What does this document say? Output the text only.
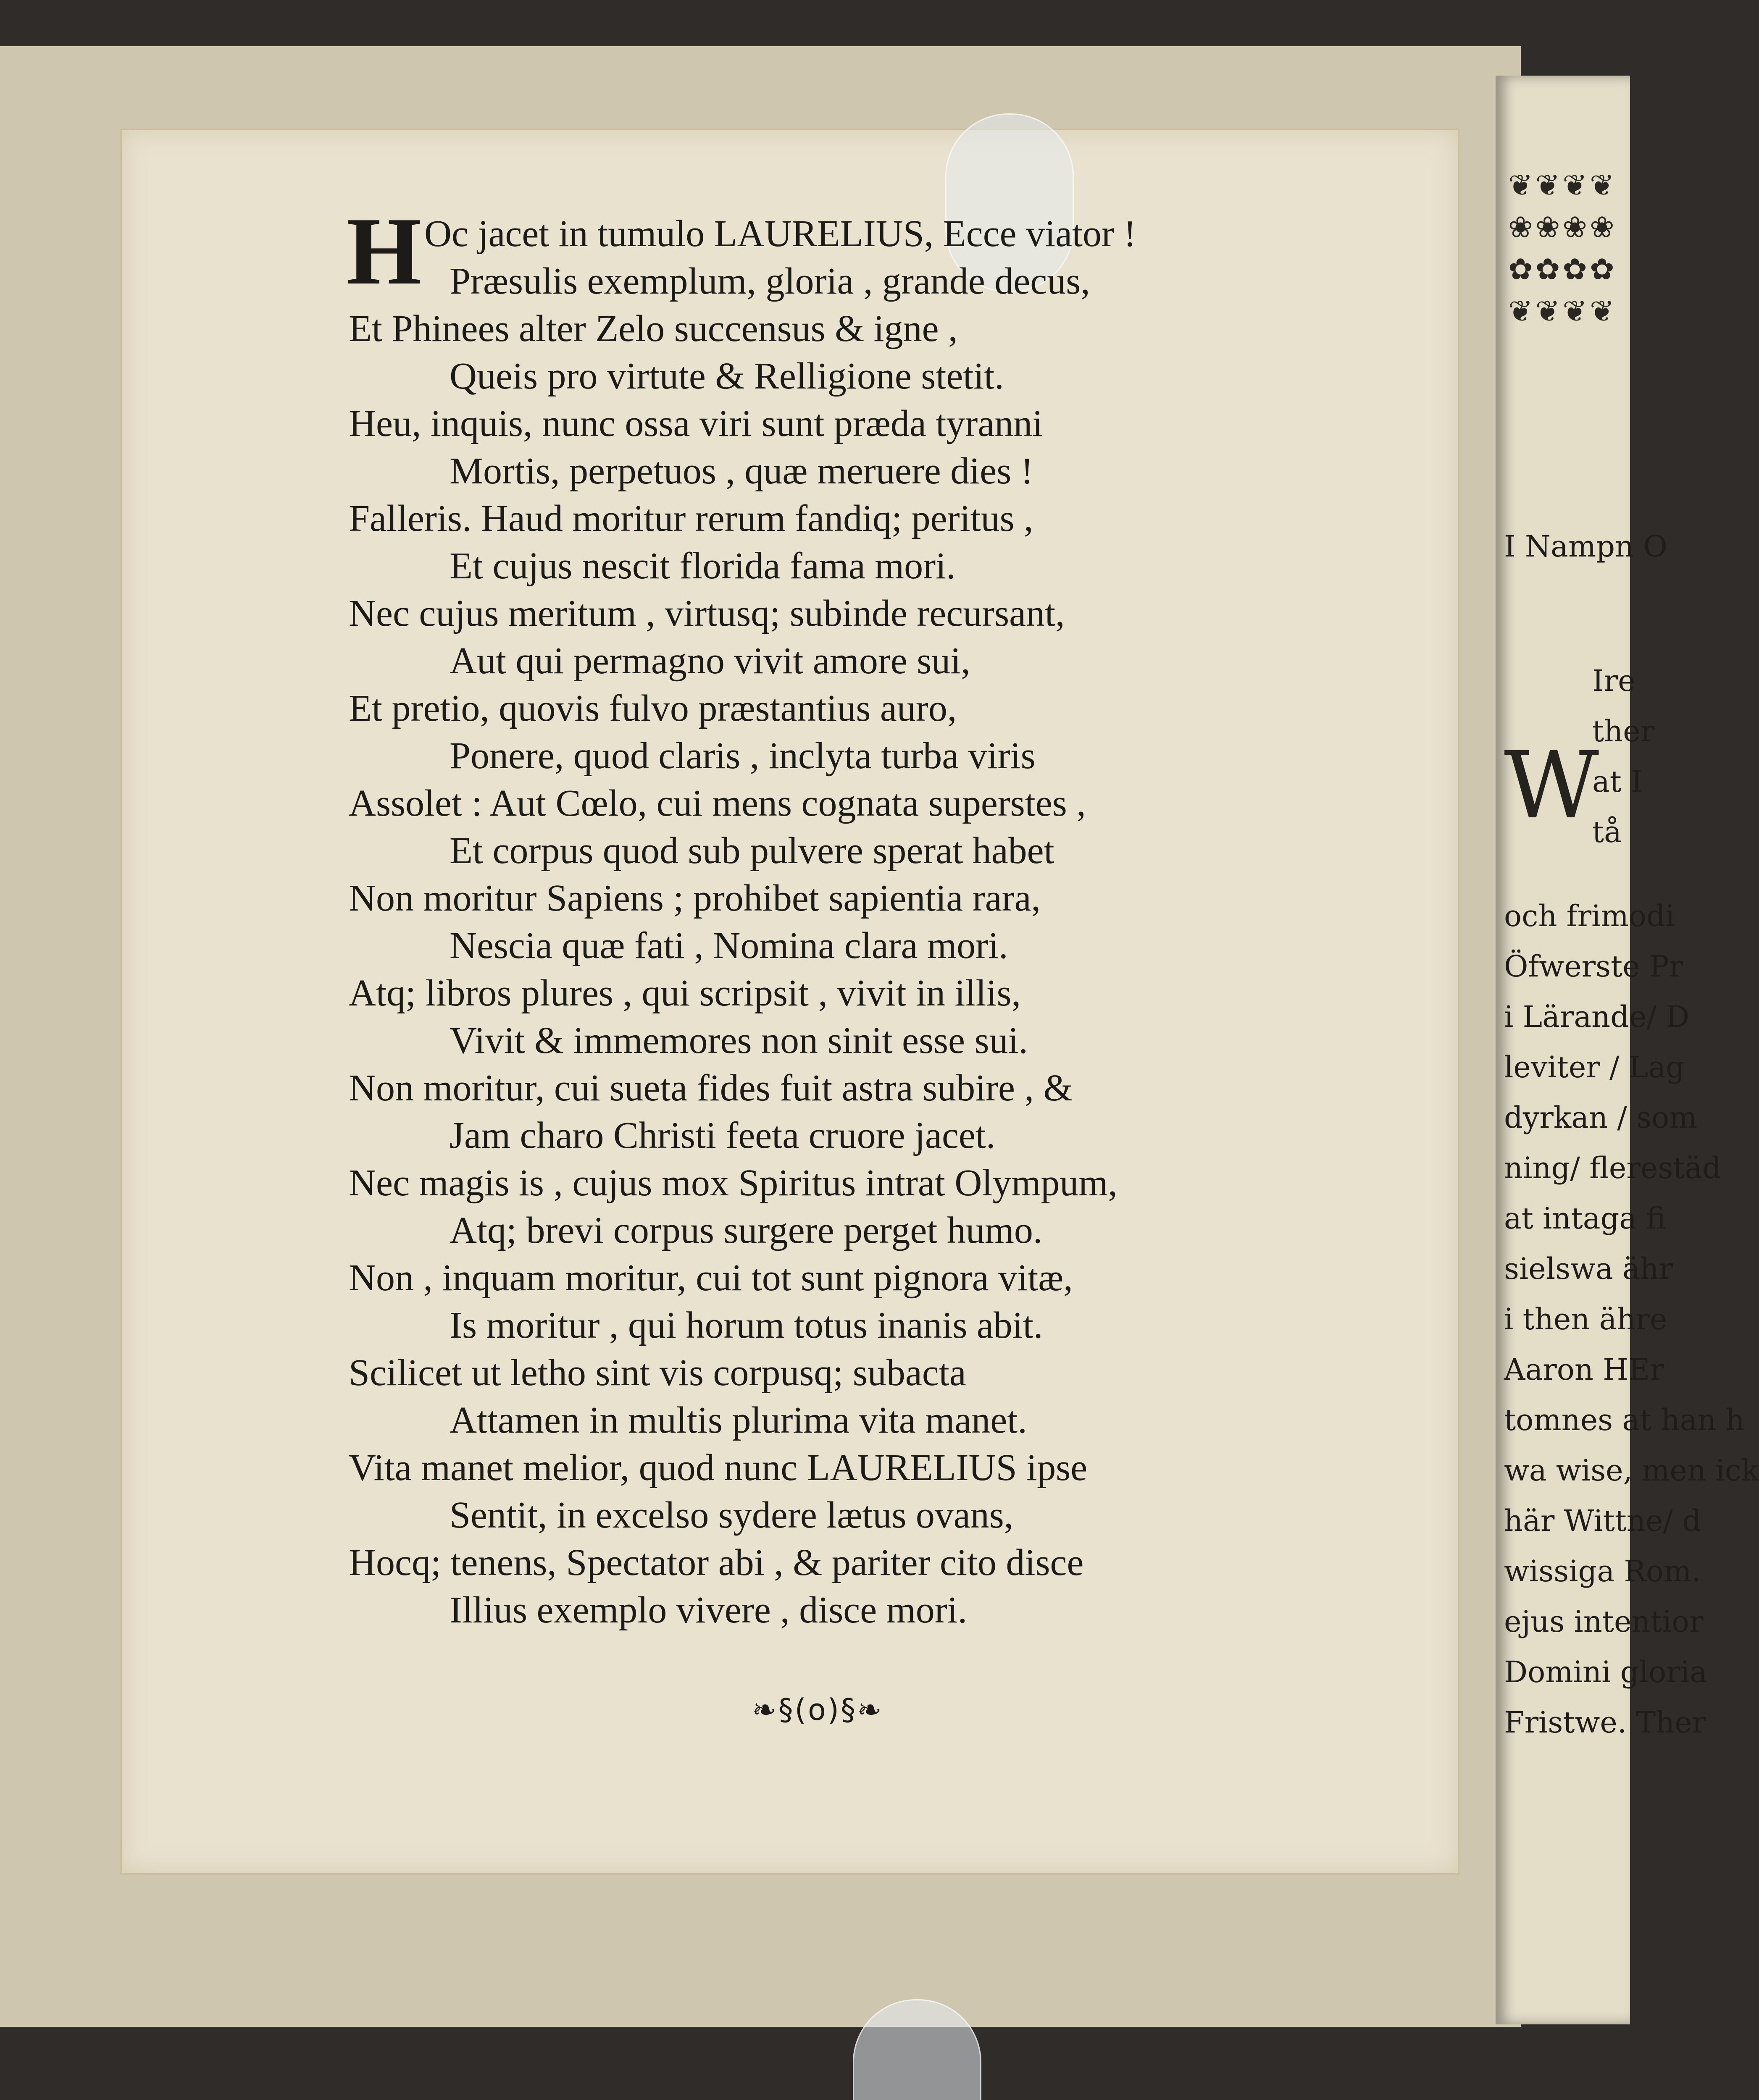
H Oc jacet in tumulo LAURELIUS, Ecce viator !
Præsulis exemplum, gloria , grande decus,
Et Phinees alter Zelo succensus & igne ,
Queis pro virtute & Relligione stetit.
Heu, inquis, nunc ossa viri sunt præda tyranni
Mortis, perpetuos , quæ meruere dies !
Falleris. Haud moritur rerum fandiq; peritus ,
Et cujus nescit florida fama mori.
Nec cujus meritum , virtusq; subinde recursant,
Aut qui permagno vivit amore sui,
Et pretio, quovis fulvo præstantius auro,
Ponere, quod claris , inclyta turba viris
Assolet : Aut Cœlo, cui mens cognata superstes ,
Et corpus quod sub pulvere sperat habet
Non moritur Sapiens ; prohibet sapientia rara,
Nescia quæ fati , Nomina clara mori.
Atq; libros plures , qui scripsit , vivit in illis,
Vivit & immemores non sinit esse sui.
Non moritur, cui sueta fides fuit astra subire , &
Jam charo Christi feeta cruore jacet.
Nec magis is , cujus mox Spiritus intrat Olympum,
Atq; brevi corpus surgere perget humo.
Non , inquam moritur, cui tot sunt pignora vitæ,
Is moritur , qui horum totus inanis abit.
Scilicet ut letho sint vis corpusq; subacta
Attamen in multis plurima vita manet.
Vita manet melior, quod nunc LAURELIUS ipse
Sentit, in excelso sydere lætus ovans,
Hocq; tenens, Spectator abi , & pariter cito disce
Illius exemplo vivere , disce mori.
❧§(o)§❧
W
❦❦❦❦
❀❀❀❀
✿✿✿✿
❦❦❦❦
I Nampn O
Ire
ther
at I
tå
och frimodi
Öfwerste Pr
i Lärande/ D
leviter / Lag
dyrkan / som
ning/ flerestäd
at intaga fi
sielswa ähr
i then ähre
Aaron HEr
tomnes at han h
wa wise, men ick
här Wittne/ d
wissiga Rom.
ejus intentior
Domini gloria
Fristwe. Ther
